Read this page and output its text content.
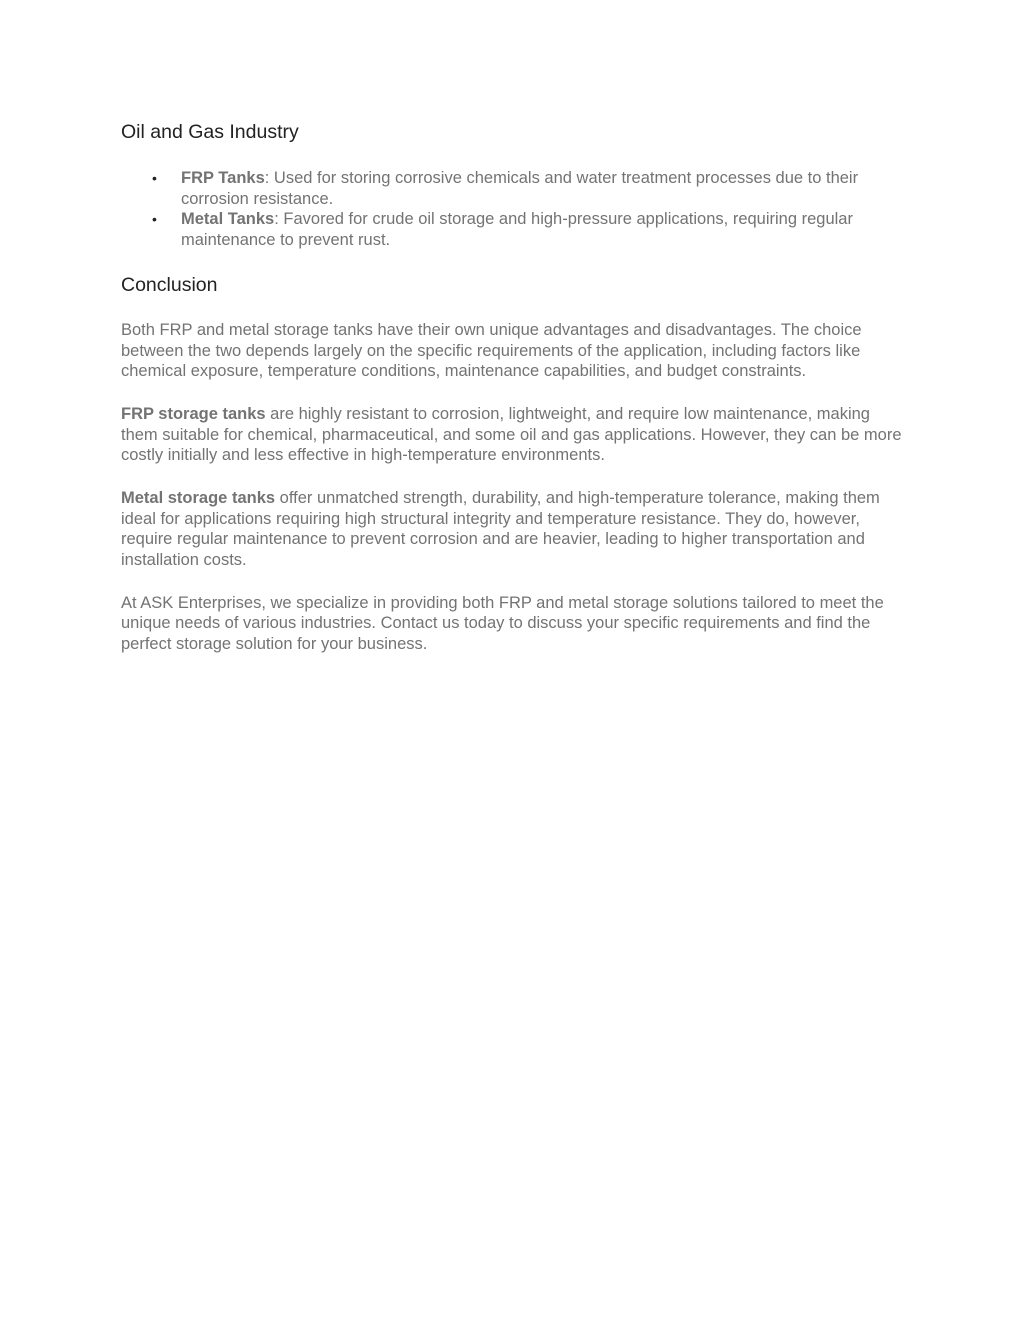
Oil and Gas Industry
• FRP Tanks: Used for storing corrosive chemicals and water treatment processes due to their corrosion resistance.
• Metal Tanks: Favored for crude oil storage and high-pressure applications, requiring regular maintenance to prevent rust.
Conclusion

Both FRP and metal storage tanks have their own unique advantages and disadvantages. The choice between the two depends largely on the specific requirements of the application, including factors like chemical exposure, temperature conditions, maintenance capabilities, and budget constraints.

FRP storage tanks are highly resistant to corrosion, lightweight, and require low maintenance, making them suitable for chemical, pharmaceutical, and some oil and gas applications. However, they can be more costly initially and less effective in high-temperature environments.

Metal storage tanks offer unmatched strength, durability, and high-temperature tolerance, making them ideal for applications requiring high structural integrity and temperature resistance. They do, however, require regular maintenance to prevent corrosion and are heavier, leading to higher transportation and installation costs.

At ASK Enterprises, we specialize in providing both FRP and metal storage solutions tailored to meet the unique needs of various industries. Contact us today to discuss your specific requirements and find the perfect storage solution for your business.
